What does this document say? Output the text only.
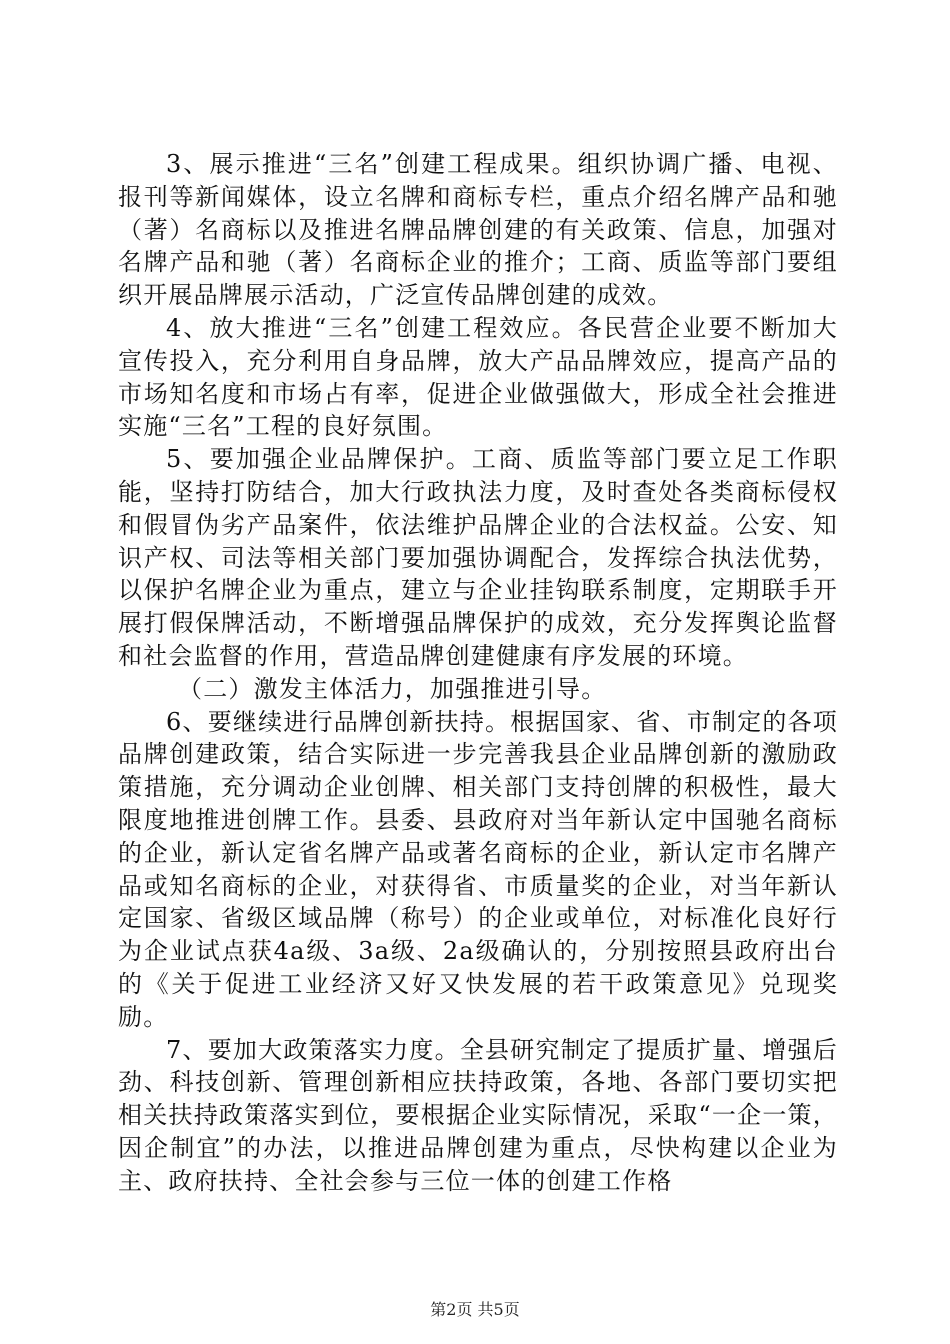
3、展示推进“三名”创建工程成果。组织协调广播、电视、报刊等新闻媒体，设立名牌和商标专栏，重点介绍名牌产品和驰（著）名商标以及推进名牌品牌创建的有关政策、信息，加强对名牌产品和驰（著）名商标企业的推介；工商、质监等部门要组织开展品牌展示活动，广泛宣传品牌创建的成效。

4、放大推进“三名”创建工程效应。各民营企业要不断加大宣传投入，充分利用自身品牌，放大产品品牌效应，提高产品的市场知名度和市场占有率，促进企业做强做大，形成全社会推进实施“三名”工程的良好氛围。

5、要加强企业品牌保护。工商、质监等部门要立足工作职能，坚持打防结合，加大行政执法力度，及时查处各类商标侵权和假冒伪劣产品案件，依法维护品牌企业的合法权益。公安、知识产权、司法等相关部门要加强协调配合，发挥综合执法优势，以保护名牌企业为重点，建立与企业挂钩联系制度，定期联手开展打假保牌活动，不断增强品牌保护的成效，充分发挥舆论监督和社会监督的作用，营造品牌创建健康有序发展的环境。

（二）激发主体活力，加强推进引导。

6、要继续进行品牌创新扶持。根据国家、省、市制定的各项品牌创建政策，结合实际进一步完善我县企业品牌创新的激励政策措施，充分调动企业创牌、相关部门支持创牌的积极性，最大限度地推进创牌工作。县委、县政府对当年新认定中国驰名商标的企业，新认定省名牌产品或著名商标的企业，新认定市名牌产品或知名商标的企业，对获得省、市质量奖的企业，对当年新认定国家、省级区域品牌（称号）的企业或单位，对标准化良好行为企业试点获4a级、3a级、2a级确认的，分别按照县政府出台的《关于促进工业经济又好又快发展的若干政策意见》兑现奖励。

7、要加大政策落实力度。全县研究制定了提质扩量、增强后劲、科技创新、管理创新相应扶持政策，各地、各部门要切实把相关扶持政策落实到位，要根据企业实际情况，采取“一企一策，因企制宜”的办法，以推进品牌创建为重点，尽快构建以企业为主、政府扶持、全社会参与三位一体的创建工作格

第2页 共5页
